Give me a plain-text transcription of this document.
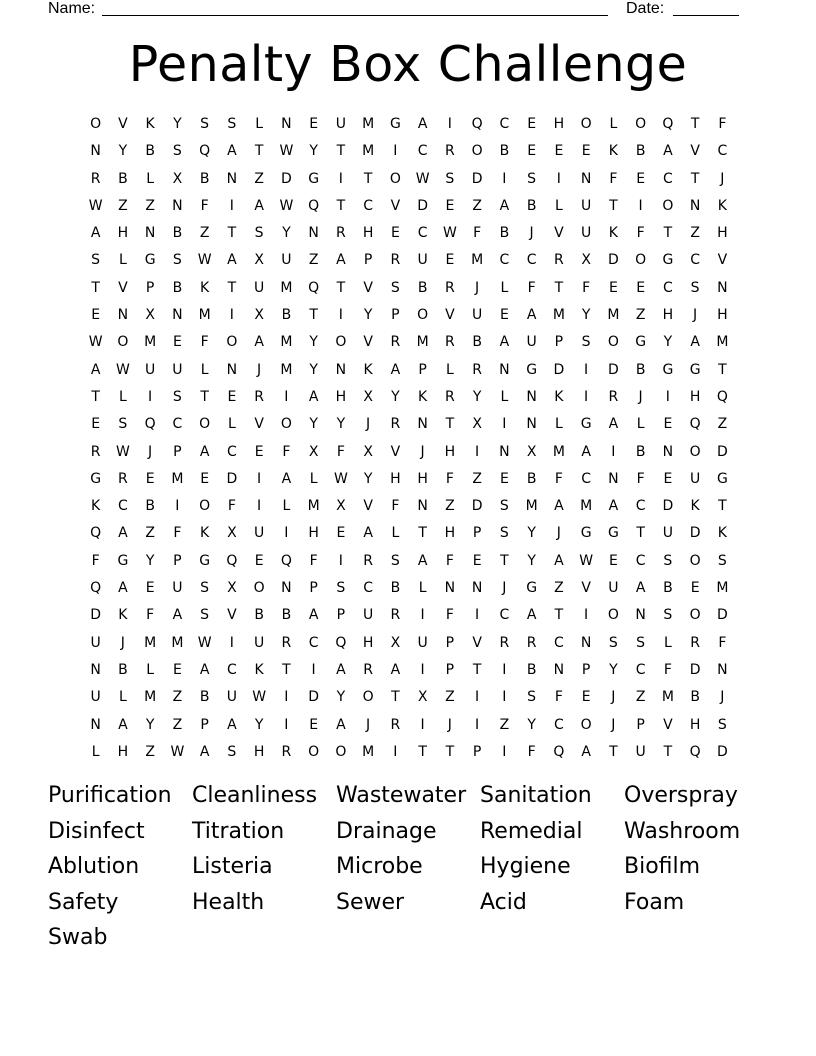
Name:	Date:
Penalty Box Challenge
O	V	K	Y	S	S	L	N	E	U	M	G	A	I	Q	C	E	H	O	L	O	Q	T	F
N	Y	B	S	Q	A	T	W	Y	T	M	I	C	R	O	B	E	E	E	K	B	A	V	C
R	B	L	X	B	N	Z	D	G	I	T	O	W	S	D	I	S	I	N	F	E	C	T	J
W	Z	Z	N	F	I	A	W	Q	T	C	V	D	E	Z	A	B	L	U	T	I	O	N	K
A	H	N	B	Z	T	S	Y	N	R	H	E	C	W	F	B	J	V	U	K	F	T	Z	H
S	L	G	S	W	A	X	U	Z	A	P	R	U	E	M	C	C	R	X	D	O	G	C	V
T	V	P	B	K	T	U	M	Q	T	V	S	B	R	J	L	F	T	F	E	E	C	S	N
E	N	X	N	M	I	X	B	T	I	Y	P	O	V	U	E	A	M	Y	M	Z	H	J	H
W	O	M	E	F	O	A	M	Y	O	V	R	M	R	B	A	U	P	S	O	G	Y	A	M
A	W	U	U	L	N	J	M	Y	N	K	A	P	L	R	N	G	D	I	D	B	G	G	T
T	L	I	S	T	E	R	I	A	H	X	Y	K	R	Y	L	N	K	I	R	J	I	H	Q
E	S	Q	C	O	L	V	O	Y	Y	J	R	N	T	X	I	N	L	G	A	L	E	Q	Z
R	W	J	P	A	C	E	F	X	F	X	V	J	H	I	N	X	M	A	I	B	N	O	D
G	R	E	M	E	D	I	A	L	W	Y	H	H	F	Z	E	B	F	C	N	F	E	U	G
K	C	B	I	O	F	I	L	M	X	V	F	N	Z	D	S	M	A	M	A	C	D	K	T
Q	A	Z	F	K	X	U	I	H	E	A	L	T	H	P	S	Y	J	G	G	T	U	D	K
F	G	Y	P	G	Q	E	Q	F	I	R	S	A	F	E	T	Y	A	W	E	C	S	O	S
Q	A	E	U	S	X	O	N	P	S	C	B	L	N	N	J	G	Z	V	U	A	B	E	M
D	K	F	A	S	V	B	B	A	P	U	R	I	F	I	C	A	T	I	O	N	S	O	D
U	J	M	M	W	I	U	R	C	Q	H	X	U	P	V	R	R	C	N	S	S	L	R	F
N	B	L	E	A	C	K	T	I	A	R	A	I	P	T	I	B	N	P	Y	C	F	D	N
U	L	M	Z	B	U	W	I	D	Y	O	T	X	Z	I	I	S	F	E	J	Z	M	B	J
N	A	Y	Z	P	A	Y	I	E	A	J	R	I	J	I	Z	Y	C	O	J	P	V	H	S
L	H	Z	W	A	S	H	R	O	O	M	I	T	T	P	I	F	Q	A	T	U	T	Q	D
Purification Cleanliness Wastewater Sanitation	Overspray
Disinfect	Titration	Drainage	Remedial	Washroom
Ablution	Listeria	Microbe	Hygiene	Biofilm
Safety	Health	Sewer	Acid	Foam
Swab
